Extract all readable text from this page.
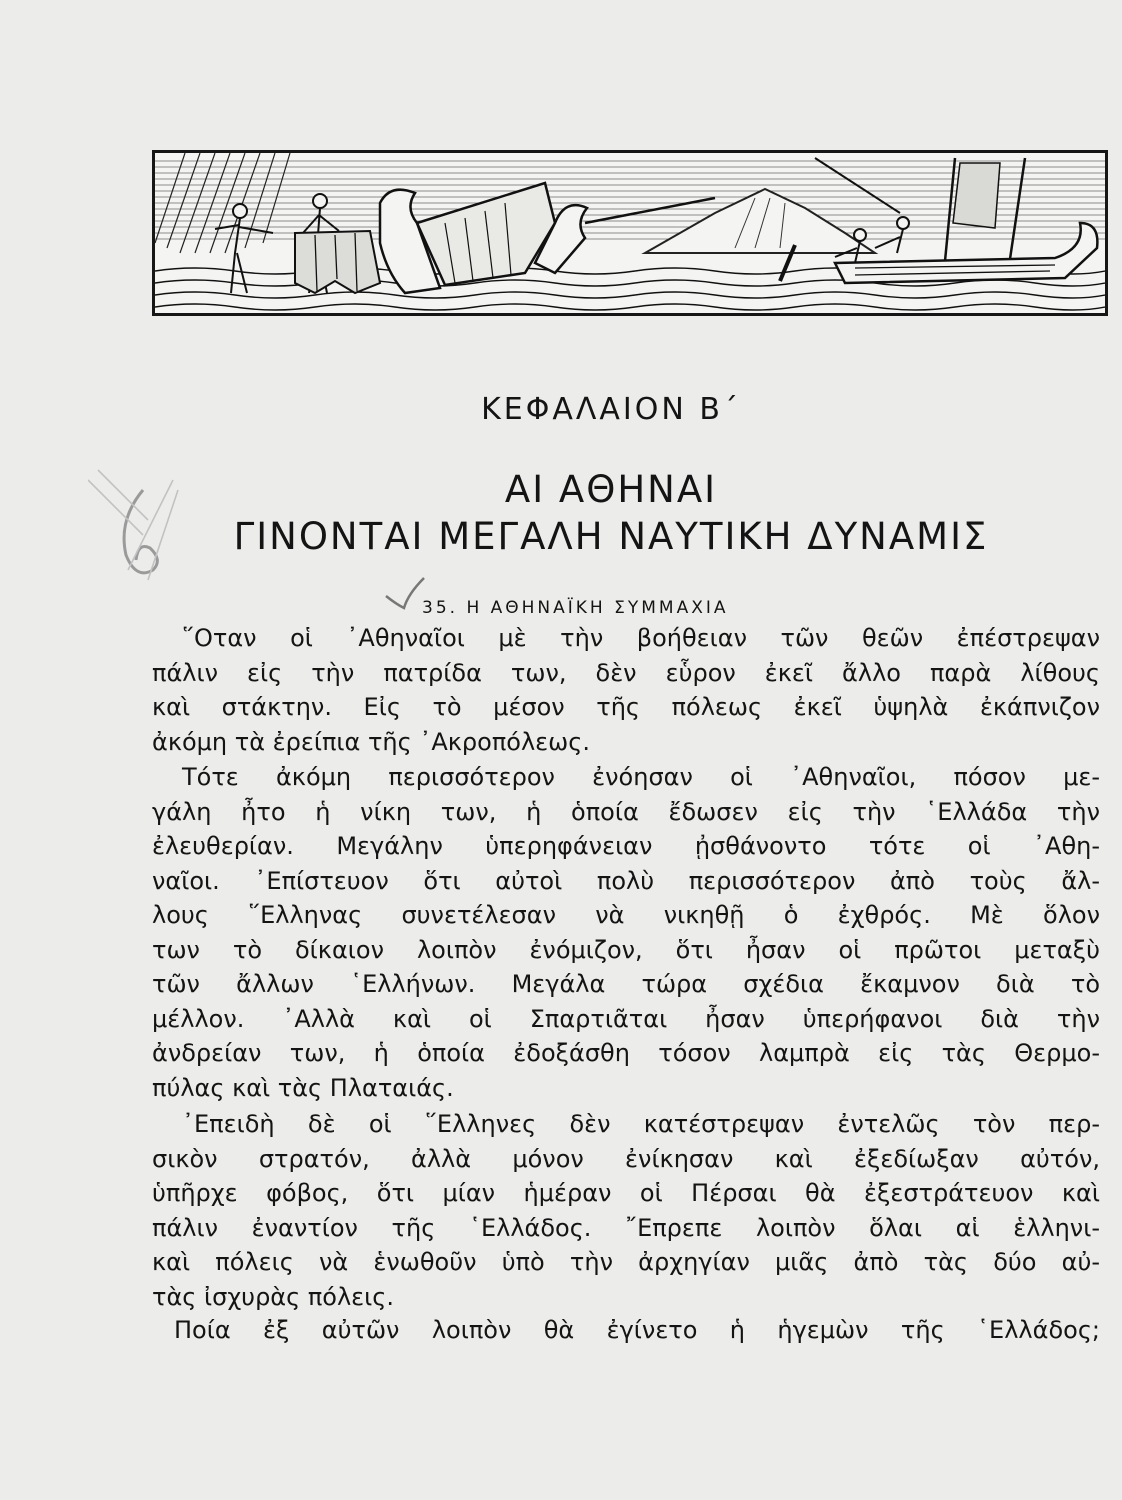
ΚΕΦΑΛΑΙΟΝ Β΄
ΑΙ ΑΘΗΝΑΙ
ΓΙΝΟΝΤΑΙ ΜΕΓΑΛΗ ΝΑΥΤΙΚΗ ΔΥΝΑΜΙΣ
35. Η ΑΘΗΝΑΪΚΗ ΣΥΜΜΑΧΙΑ

῞Οταν οἱ ᾿Αθηναῖοι μὲ τὴν βοήθειαν τῶν θεῶν ἐπέστρεψαν
πάλιν εἰς τὴν πατρίδα των, δὲν εὗρον ἐκεῖ ἄλλο παρὰ λίθους
καὶ στάκτην. Εἰς τὸ μέσον τῆς πόλεως ἐκεῖ ὑψηλὰ ἐκάπνιζον
ἀκόμη τὰ ἐρείπια τῆς ᾿Ακροπόλεως.

Τότε ἀκόμη περισσότερον ἐνόησαν οἱ ᾿Αθηναῖοι, πόσον με-
γάλη ἦτο ἡ νίκη των, ἡ ὁποία ἔδωσεν εἰς τὴν ῾Ελλάδα τὴν
ἐλευθερίαν. Μεγάλην ὑπερηφάνειαν ᾐσθάνοντο τότε οἱ ᾿Αθη-
ναῖοι. ᾿Επίστευον ὅτι αὐτοὶ πολὺ περισσότερον ἀπὸ τοὺς ἄλ-
λους ῞Ελληνας συνετέλεσαν νὰ νικηθῇ ὁ ἐχθρός. Μὲ ὅλον
των τὸ δίκαιον λοιπὸν ἐνόμιζον, ὅτι ἦσαν οἱ πρῶτοι μεταξὺ
τῶν ἄλλων ῾Ελλήνων. Μεγάλα τώρα σχέδια ἔκαμνον διὰ τὸ
μέλλον. ᾿Αλλὰ καὶ οἱ Σπαρτιᾶται ἦσαν ὑπερήφανοι διὰ τὴν
ἀνδρείαν των, ἡ ὁποία ἐδοξάσθη τόσον λαμπρὰ εἰς τὰς Θερμο-
πύλας καὶ τὰς Πλαταιάς.

᾿Επειδὴ δὲ οἱ ῞Ελληνες δὲν κατέστρεψαν ἐντελῶς τὸν περ-
σικὸν στρατόν, ἀλλὰ μόνον ἐνίκησαν καὶ ἐξεδίωξαν αὐτόν,
ὑπῆρχε φόβος, ὅτι μίαν ἡμέραν οἱ Πέρσαι θὰ ἐξεστράτευον καὶ
πάλιν ἐναντίον τῆς ῾Ελλάδος. ῎Επρεπε λοιπὸν ὅλαι αἱ ἑλληνι-
καὶ πόλεις νὰ ἑνωθοῦν ὑπὸ τὴν ἀρχηγίαν μιᾶς ἀπὸ τὰς δύο αὐ-
τὰς ἰσχυρὰς πόλεις.

Ποία ἐξ αὐτῶν λοιπὸν θὰ ἐγίνετο ἡ ἡγεμὼν τῆς ῾Ελλάδος;
